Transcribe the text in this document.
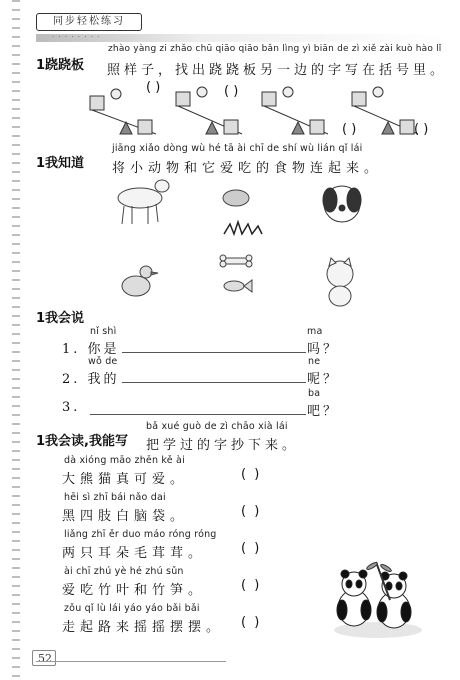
同步轻松练习
· · · · · · · ·
1跷跷板
zhào yàng zi zhǎo chū qiāo qiāo bǎn lìng yì biān de zì xiě zài kuò hào lǐ
照样子，找出跷跷板另一边的字写在括号里。
( )	( )
( )	( )
1我知道
jiāng xiǎo dòng wù hé tā ài chī de shí wù lián qǐ lái
将小动物和它爱吃的食物连起来。
1我会说
nǐ shì	ma
1. 你是	吗？
wǒ de	ne
2. 我的	呢？
ba
3.	吧？
1我会读,我能写
bǎ xué guò de zì chāo xià lái
把学过的字抄下来。
dà xióng māo zhēn kě ài
大熊猫真可爱。	( )
hēi sì zhī bái nǎo dai
黑四肢白脑袋。	( )
liǎng zhī ěr duo máo róng róng
两只耳朵毛茸茸。	( )
ài chī zhú yè hé zhú sǔn
爱吃竹叶和竹笋。	( )
zǒu qǐ lù lái yáo yáo bǎi bǎi
走起路来摇摇摆摆。 ( )
52
